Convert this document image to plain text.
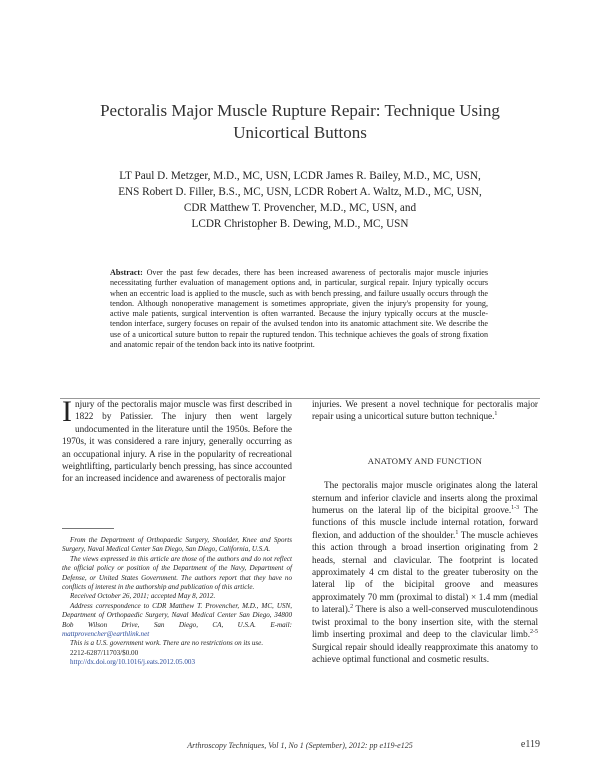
Pectoralis Major Muscle Rupture Repair: Technique Using
Unicortical Buttons
LT Paul D. Metzger, M.D., MC, USN, LCDR James R. Bailey, M.D., MC, USN,
ENS Robert D. Filler, B.S., MC, USN, LCDR Robert A. Waltz, M.D., MC, USN,
CDR Matthew T. Provencher, M.D., MC, USN, and
LCDR Christopher B. Dewing, M.D., MC, USN
Abstract: Over the past few decades, there has been increased awareness of pectoralis major muscle injuries necessitating further evaluation of management options and, in particular, surgical repair. Injury typically occurs when an eccentric load is applied to the muscle, such as with bench pressing, and failure usually occurs through the tendon. Although nonoperative management is sometimes appropriate, given the injury's propensity for young, active male patients, surgical intervention is often warranted. Because the injury typically occurs at the muscle-tendon interface, surgery focuses on repair of the avulsed tendon into its anatomic attachment site. We describe the use of a unicortical suture button to repair the ruptured tendon. This technique achieves the goals of strong fixation and anatomic repair of the tendon back into its native footprint.

Injury of the pectoralis major muscle was first described in 1822 by Patissier. The injury then went largely undocumented in the literature until the 1950s. Before the 1970s, it was considered a rare injury, generally occurring as an occupational injury. A rise in the popularity of recreational weightlifting, particularly bench pressing, has since accounted for an increased incidence and awareness of pectoralis major

From the Department of Orthopaedic Surgery, Shoulder, Knee and Sports Surgery, Naval Medical Center San Diego, San Diego, California, U.S.A.

The views expressed in this article are those of the authors and do not reflect the official policy or position of the Department of the Navy, Department of Defense, or United States Government. The authors report that they have no conflicts of interest in the authorship and publication of this article.

Received October 26, 2011; accepted May 8, 2012.

Address correspondence to CDR Matthew T. Provencher, M.D., MC, USN, Department of Orthopaedic Surgery, Naval Medical Center San Diego, 34800 Bob Wilson Drive, San Diego, CA, U.S.A. E-mail: mattprovencher@earthlink.net

This is a U.S. government work. There are no restrictions on its use.

2212-6287/11703/$0.00

http://dx.doi.org/10.1016/j.eats.2012.05.003

injuries. We present a novel technique for pectoralis major repair using a unicortical suture button technique.$^1$

ANATOMY AND FUNCTION

The pectoralis major muscle originates along the lateral sternum and inferior clavicle and inserts along the proximal humerus on the lateral lip of the bicipital groove.$^{1-3}$ The functions of this muscle include internal rotation, forward flexion, and adduction of the shoulder.$^1$ The muscle achieves this action through a broad insertion originating from 2 heads, sternal and clavicular. The footprint is located approximately 4 cm distal to the greater tuberosity on the lateral lip of the bicipital groove and measures approximately 70 mm (proximal to distal) × 1.4 mm (medial to lateral).$^2$ There is also a well-conserved musculotendinous twist proximal to the bony insertion site, with the sternal limb inserting proximal and deep to the clavicular limb.$^{2-5}$ Surgical repair should ideally reapproximate this anatomy to achieve optimal functional and cosmetic results.

Arthroscopy Techniques, Vol 1, No 1 (September), 2012: pp e119-e125	e119
